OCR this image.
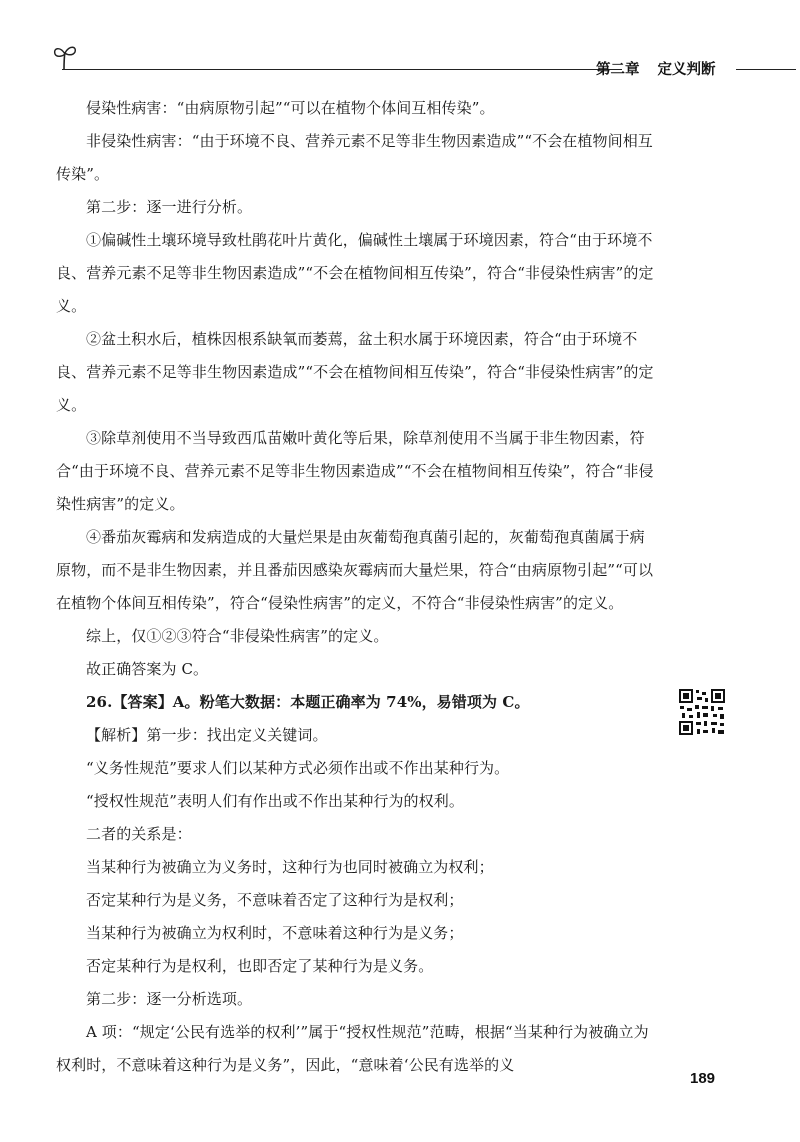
第二章 定义判断

侵染性病害：“由病原物引起”“可以在植物个体间互相传染”。

非侵染性病害：“由于环境不良、营养元素不足等非生物因素造成”“不会在植物间相互传染”。

第二步：逐一进行分析。

①偏碱性土壤环境导致杜鹃花叶片黄化，偏碱性土壤属于环境因素，符合“由于环境不良、营养元素不足等非生物因素造成”“不会在植物间相互传染”，符合“非侵染性病害”的定义。

②盆土积水后，植株因根系缺氧而萎蔫，盆土积水属于环境因素，符合“由于环境不良、营养元素不足等非生物因素造成”“不会在植物间相互传染”，符合“非侵染性病害”的定义。

③除草剂使用不当导致西瓜苗嫩叶黄化等后果，除草剂使用不当属于非生物因素，符合“由于环境不良、营养元素不足等非生物因素造成”“不会在植物间相互传染”，符合“非侵染性病害”的定义。

④番茄灰霉病和发病造成的大量烂果是由灰葡萄孢真菌引起的，灰葡萄孢真菌属于病原物，而不是非生物因素，并且番茄因感染灰霉病而大量烂果，符合“由病原物引起”“可以在植物个体间互相传染”，符合“侵染性病害”的定义，不符合“非侵染性病害”的定义。

综上，仅①②③符合“非侵染性病害”的定义。

故正确答案为 C。

26.【答案】A。粉笔大数据：本题正确率为 74%，易错项为 C。

【解析】第一步：找出定义关键词。

“义务性规范”要求人们以某种方式必须作出或不作出某种行为。

“授权性规范”表明人们有作出或不作出某种行为的权利。

二者的关系是：

当某种行为被确立为义务时，这种行为也同时被确立为权利；

否定某种行为是义务，不意味着否定了这种行为是权利；

当某种行为被确立为权利时，不意味着这种行为是义务；

否定某种行为是权利，也即否定了某种行为是义务。

第二步：逐一分析选项。

A 项：“规定‘公民有选举的权利’”属于“授权性规范”范畴，根据“当某种行为被确立为权利时，不意味着这种行为是义务”，因此，“意味着‘公民有选举的义

189
